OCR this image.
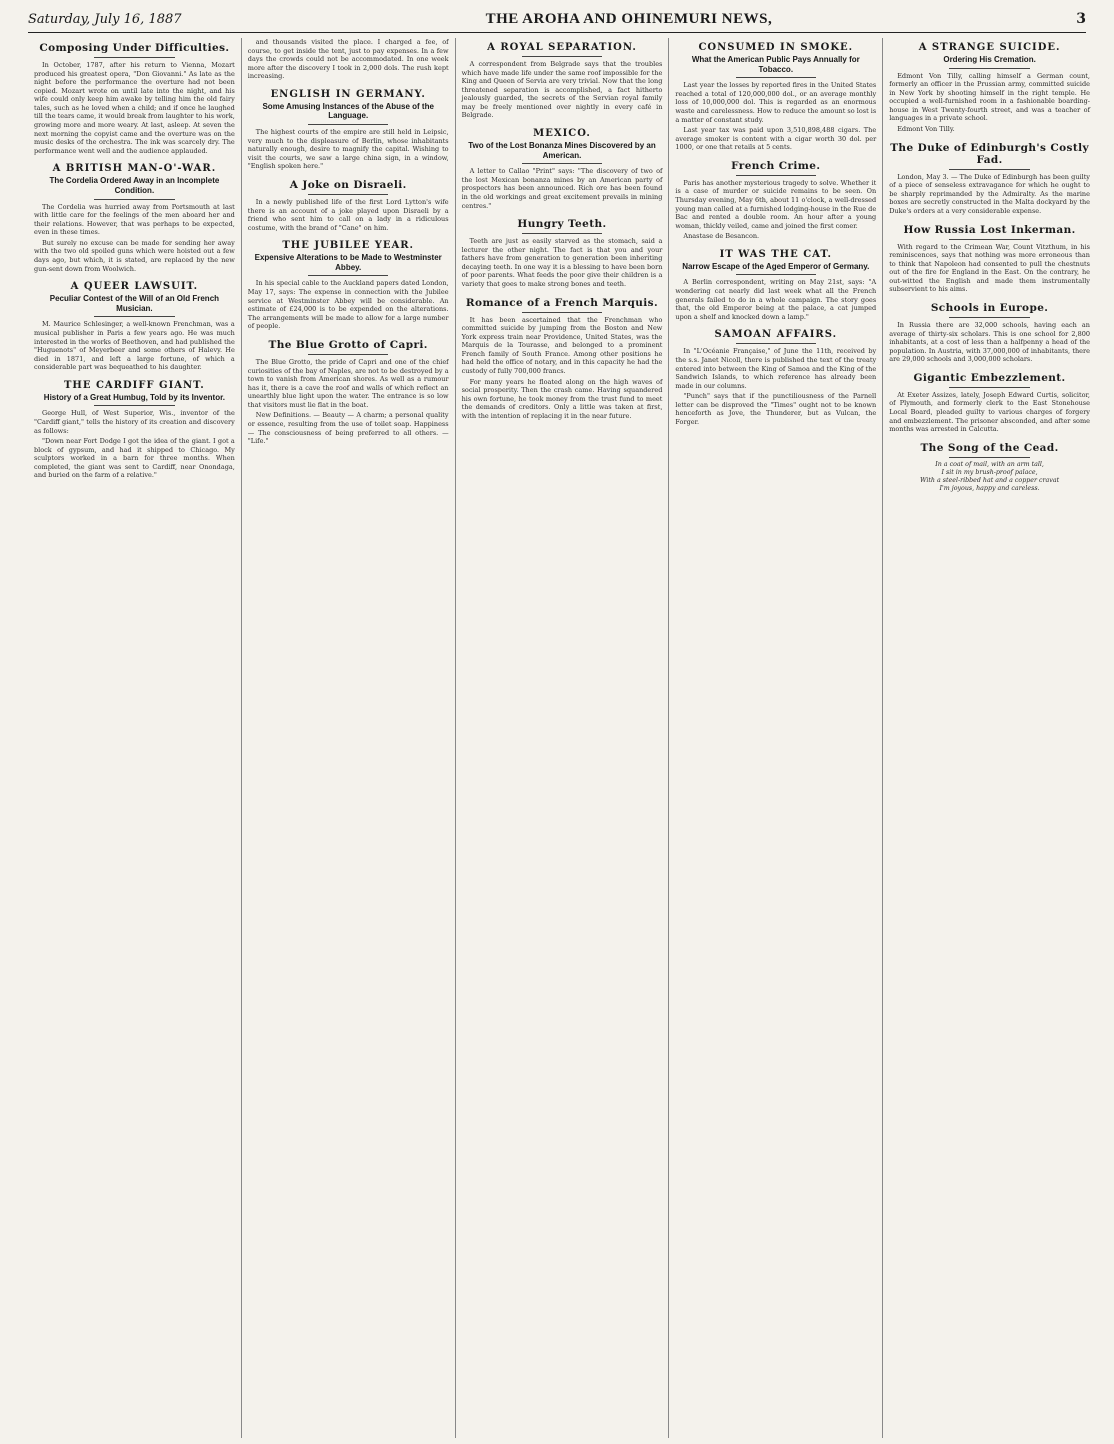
Saturday, July 16, 1887	THE AROHA AND OHINEMURI NEWS,	3
Composing Under Difficulties.

In October, 1787, after his return to Vienna, Mozart produced his greatest opera, "Don Giovanni." As late as the night before the performance the overture had not been copied. Mozart wrote on until late into the night, and his wife could only keep him awake by telling him the old fairy tales, such as he loved when a child; and if once he laughed till the tears came, it would break from laughter to his work, growing more and more weary. At last, asleep. At seven the next morning the copyist came and the overture was on the music desks of the orchestra. The ink was scarcely dry. The performance went well and the audience applauded.

A BRITISH MAN-O'-WAR.
The Cordelia Ordered Away in an Incomplete Condition.

The Cordelia was hurried away from Portsmouth at last with little care for the feelings of the men aboard her and their relations. However, that was perhaps to be expected, even in these times.

But surely no excuse can be made for sending her away with the two old spoiled guns which were hoisted out a few days ago, but which, it is stated, are replaced by the new gun-sent down from Woolwich.

A QUEER LAWSUIT.
Peculiar Contest of the Will of an Old French Musician.

M. Maurice Schlesinger, a well-known Frenchman, was a musical publisher in Paris a few years ago. He was much interested in the works of Beethoven, and had published the "Huguenots" of Meyerbeer and some others of Halevy. He died in 1871, and left a large fortune, of which a considerable part was bequeathed to his daughter.

THE CARDIFF GIANT.
History of a Great Humbug, Told by its Inventor.

George Hull, of West Superior, Wis., inventor of the "Cardiff giant," tells the history of its creation and discovery as follows:

"Down near Fort Dodge I got the idea of the giant. I got a block of gypsum, and had it shipped to Chicago. My sculptors worked in a barn for three months. When completed, the giant was sent to Cardiff, near Onondaga, and buried on the farm of a relative."

and thousands visited the place. I charged a fee, of course, to get inside the tent, just to pay expenses. In a few days the crowds could not be accommodated. In one week more after the discovery I took in 2,000 dols. The rush kept increasing.

ENGLISH IN GERMANY.
Some Amusing Instances of the Abuse of the Language.

The highest courts of the empire are still held in Leipsic, very much to the displeasure of Berlin, whose inhabitants naturally enough, desire to magnify the capital. Wishing to visit the courts, we saw a large china sign, in a window, "English spoken here."

A Joke on Disraeli.

In a newly published life of the first Lord Lytton's wife there is an account of a joke played upon Disraeli by a friend who sent him to call on a lady in a ridiculous costume, with the brand of "Cane" on him.

THE JUBILEE YEAR.
Expensive Alterations to be Made to Westminster Abbey.

In his special cable to the Auckland papers dated London, May 17, says: The expense in connection with the Jubilee service at Westminster Abbey will be considerable. An estimate of £24,000 is to be expended on the alterations. The arrangements will be made to allow for a large number of people.

The Blue Grotto of Capri.

The Blue Grotto, the pride of Capri and one of the chief curiosities of the bay of Naples, are not to be destroyed by a town to vanish from American shores. As well as a rumour has it, there is a cave the roof and walls of which reflect an unearthly blue light upon the water. The entrance is so low that visitors must lie flat in the boat.

New Definitions. — Beauty — A charm; a personal quality or essence, resulting from the use of toilet soap. Happiness — The consciousness of being preferred to all others. — "Life."

A ROYAL SEPARATION.

A correspondent from Belgrade says that the troubles which have made life under the same roof impossible for the King and Queen of Servia are very trivial. Now that the long threatened separation is accomplished, a fact hitherto jealously guarded, the secrets of the Servian royal family may be freely mentioned over nightly in every café in Belgrade.

MEXICO.
Two of the Lost Bonanza Mines Discovered by an American.

A letter to Callao "Print" says: "The discovery of two of the lost Mexican bonanza mines by an American party of prospectors has been announced. Rich ore has been found in the old workings and great excitement prevails in mining centres."

Hungry Teeth.

Teeth are just as easily starved as the stomach, said a lecturer the other night. The fact is that you and your fathers have from generation to generation been inheriting decaying teeth. In one way it is a blessing to have been born of poor parents. What feeds the poor give their children is a variety that goes to make strong bones and teeth.

Romance of a French Marquis.

It has been ascertained that the Frenchman who committed suicide by jumping from the Boston and New York express train near Providence, United States, was the Marquis de la Tourasse, and belonged to a prominent French family of South France. Among other positions he had held the office of notary, and in this capacity he had the custody of fully 700,000 francs.

For many years he floated along on the high waves of social prosperity. Then the crash came. Having squandered his own fortune, he took money from the trust fund to meet the demands of creditors. Only a little was taken at first, with the intention of replacing it in the near future.

CONSUMED IN SMOKE.
What the American Public Pays Annually for Tobacco.

Last year the losses by reported fires in the United States reached a total of 120,000,000 dol., or an average monthly loss of 10,000,000 dol. This is regarded as an enormous waste and carelessness. How to reduce the amount so lost is a matter of constant study.

Last year tax was paid upon 3,510,898,488 cigars. The average smoker is content with a cigar worth 30 dol. per 1000, or one that retails at 5 cents.

French Crime.

Paris has another mysterious tragedy to solve. Whether it is a case of murder or suicide remains to be seen. On Thursday evening, May 6th, about 11 o'clock, a well-dressed young man called at a furnished lodging-house in the Rue de Bac and rented a double room. An hour after a young woman, thickly veiled, came and joined the first comer.

Anastase de Besancon.

IT WAS THE CAT.
Narrow Escape of the Aged Emperor of Germany.

A Berlin correspondent, writing on May 21st, says: "A wondering cat nearly did last week what all the French generals failed to do in a whole campaign. The story goes that, the old Emperor being at the palace, a cat jumped upon a shelf and knocked down a lamp."

SAMOAN AFFAIRS.

In "L'Océanie Française," of June the 11th, received by the s.s. Janet Nicoll, there is published the text of the treaty entered into between the King of Samoa and the King of the Sandwich Islands, to which reference has already been made in our columns.

"Punch" says that if the punctiliousness of the Parnell letter can be disproved the "Times" ought not to be known henceforth as Jove, the Thunderer, but as Vulcan, the Forger.

A STRANGE SUICIDE.
Ordering His Cremation.

Edmont Von Tilly, calling himself a German count, formerly an officer in the Prussian army, committed suicide in New York by shooting himself in the right temple. He occupied a well-furnished room in a fashionable boarding-house in West Twenty-fourth street, and was a teacher of languages in a private school.

Edmont Von Tilly.

The Duke of Edinburgh's Costly Fad.

London, May 3. — The Duke of Edinburgh has been guilty of a piece of senseless extravagance for which he ought to be sharply reprimanded by the Admiralty. As the marine boxes are secretly constructed in the Malta dockyard by the Duke's orders at a very considerable expense.

How Russia Lost Inkerman.

With regard to the Crimean War, Count Vitzthum, in his reminiscences, says that nothing was more erroneous than to think that Napoleon had consented to pull the chestnuts out of the fire for England in the East. On the contrary, he out-witted the English and made them instrumentally subservient to his aims.

Schools in Europe.

In Russia there are 32,000 schools, having each an average of thirty-six scholars. This is one school for 2,800 inhabitants, at a cost of less than a halfpenny a head of the population. In Austria, with 37,000,000 of inhabitants, there are 29,000 schools and 3,000,000 scholars.

Gigantic Embezzlement.

At Exeter Assizes, lately, Joseph Edward Curtis, solicitor, of Plymouth, and formerly clerk to the East Stonehouse Local Board, pleaded guilty to various charges of forgery and embezzlement. The prisoner absconded, and after some months was arrested in Calcutta.

The Song of the Cead.
In a coat of mail, with an arm tall,
I sit in my brush-proof palace,
With a steel-ribbed hat and a copper cravat
I'm joyous, happy and careless.
